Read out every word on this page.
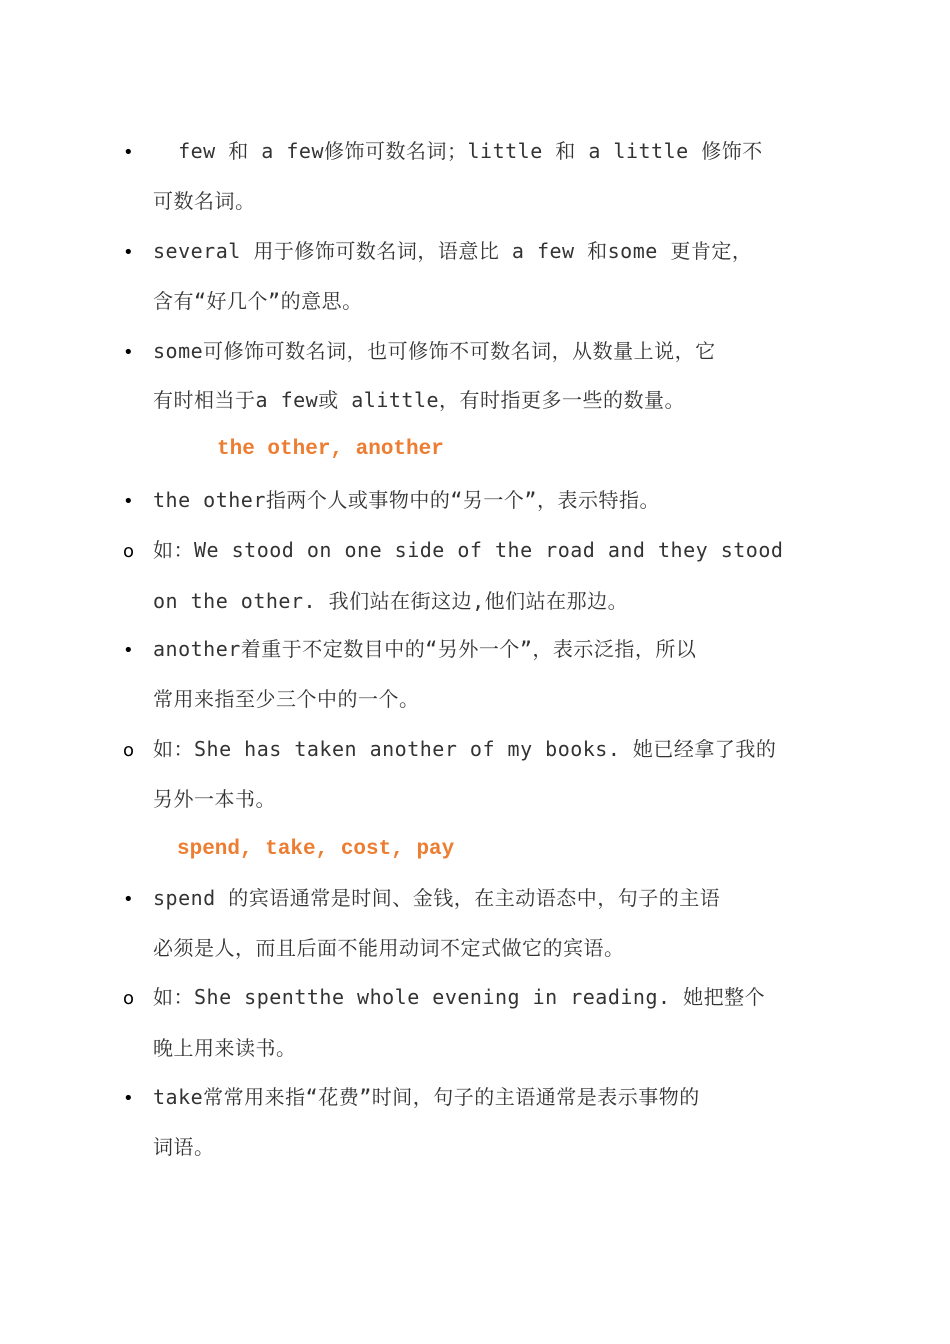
• few 和 a few修饰可数名词；little 和 a little 修饰不
可数名词。
• several 用于修饰可数名词，语意比 a few 和some 更肯定，
含有“好几个”的意思。
• some可修饰可数名词，也可修饰不可数名词，从数量上说，它
有时相当于a few或 alittle，有时指更多一些的数量。
the other, another
• the other指两个人或事物中的“另一个”，表示特指。
o 如：We stood on one side of the road and they stood
on the other. 我们站在街这边,他们站在那边。
• another着重于不定数目中的“另外一个”，表示泛指，所以
常用来指至少三个中的一个。
o 如：She has taken another of my books. 她已经拿了我的
另外一本书。
spend, take, cost, pay
• spend 的宾语通常是时间、金钱，在主动语态中，句子的主语
必须是人，而且后面不能用动词不定式做它的宾语。
o 如：She spentthe whole evening in reading. 她把整个
晚上用来读书。
• take常常用来指“花费”时间，句子的主语通常是表示事物的
词语。
